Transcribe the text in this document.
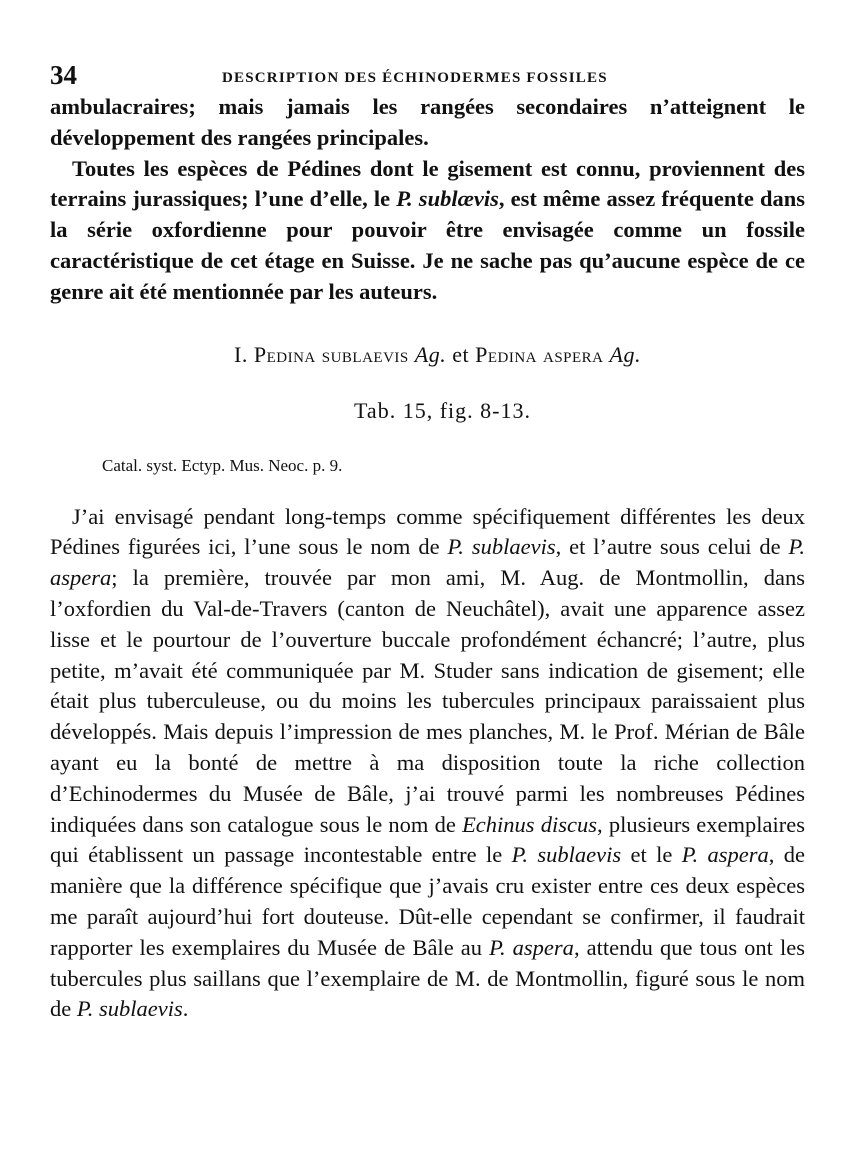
34	DESCRIPTION DES ÉCHINODERMES FOSSILES

ambulacraires; mais jamais les rangées secondaires n’atteignent le développement des rangées principales.

Toutes les espèces de Pédines dont le gisement est connu, proviennent des terrains jurassiques; l’une d’elle, le P. sublævis, est même assez fréquente dans la série oxfordienne pour pouvoir être envisagée comme un fossile caractéristique de cet étage en Suisse. Je ne sache pas qu’aucune espèce de ce genre ait été mentionnée par les auteurs.

I. Pedina sublaevis Ag. et Pedina aspera Ag.
Tab. 15, fig. 8-13.
Catal. syst. Ectyp. Mus. Neoc. p. 9.

J’ai envisagé pendant long-temps comme spécifiquement différentes les deux Pédines figurées ici, l’une sous le nom de P. sublaevis, et l’autre sous celui de P. aspera; la première, trouvée par mon ami, M. Aug. de Montmollin, dans l’oxfordien du Val-de-Travers (canton de Neuchâtel), avait une apparence assez lisse et le pourtour de l’ouverture buccale profondément échancré; l’autre, plus petite, m’avait été communiquée par M. Studer sans indication de gisement; elle était plus tuberculeuse, ou du moins les tubercules principaux paraissaient plus développés. Mais depuis l’impression de mes planches, M. le Prof. Mérian de Bâle ayant eu la bonté de mettre à ma disposition toute la riche collection d’Echinodermes du Musée de Bâle, j’ai trouvé parmi les nombreuses Pédines indiquées dans son catalogue sous le nom de Echinus discus, plusieurs exemplaires qui établissent un passage incontestable entre le P. sublaevis et le P. aspera, de manière que la différence spécifique que j’avais cru exister entre ces deux espèces me paraît aujourd’hui fort douteuse. Dût-elle cependant se confirmer, il faudrait rapporter les exemplaires du Musée de Bâle au P. aspera, attendu que tous ont les tubercules plus saillans que l’exemplaire de M. de Montmollin, figuré sous le nom de P. sublaevis.
